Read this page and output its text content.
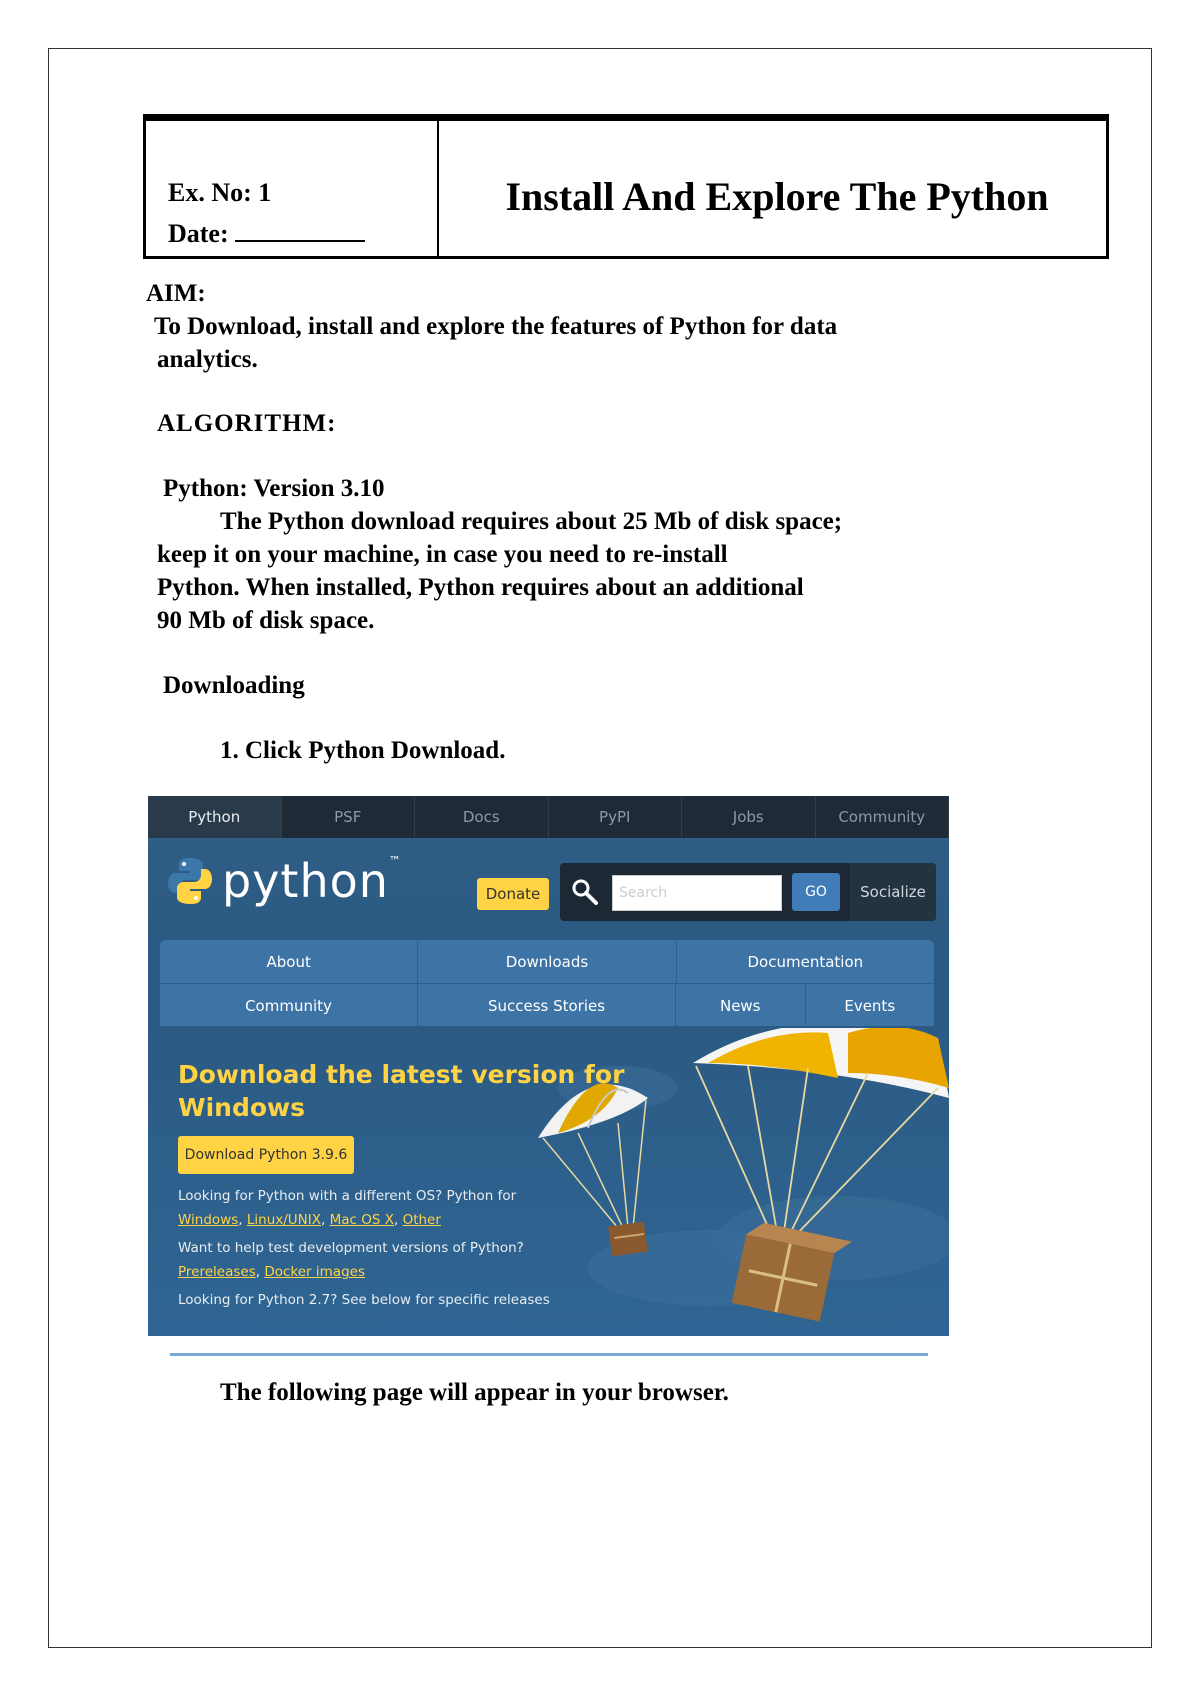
Ex. No: 1
Date:
Install And Explore The Python
AIM:
To Download, install and explore the features of Python for data
analytics.
ALGORITHM:
Python: Version 3.10
The Python download requires about 25 Mb of disk space;
keep it on your machine, in case you need to re-install
Python. When installed, Python requires about an additional
90 Mb of disk space.
Downloading
1. Click Python Download.
Python	PSF	Docs	PyPI	Jobs	Community
python™
Donate	Search	GO	Socialize
About	Downloads	Documentation
Community	Success Stories	News	Events
Download the latest version for
Windows
Download Python 3.9.6
Looking for Python with a different OS? Python for
Windows, Linux/UNIX, Mac OS X, Other
Want to help test development versions of Python?
Prereleases, Docker images
Looking for Python 2.7? See below for specific releases
The following page will appear in your browser.
